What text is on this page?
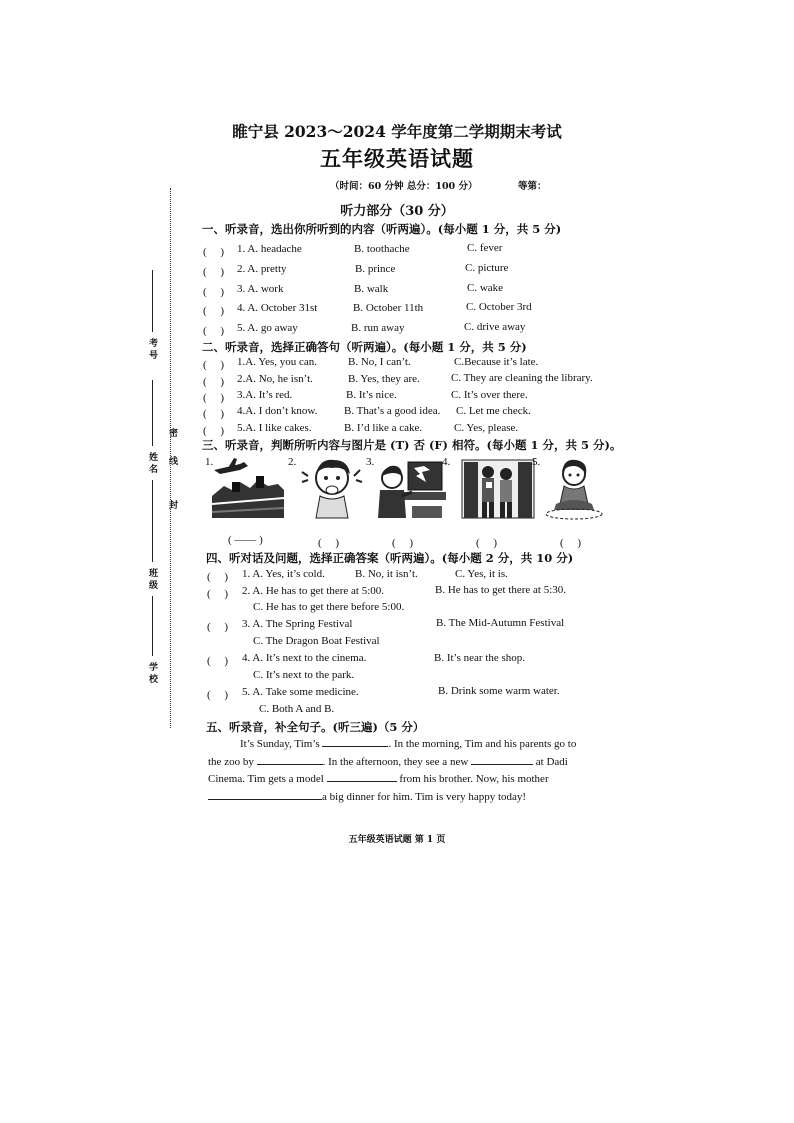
睢宁县 2023～2024 学年度第二学期期末考试
五年级英语试题
（时间：60 分钟 总分：100 分）	等第：
听力部分（30 分）
考 号
姓 名
班 级
学 校
线
封
密
一、听录音，选出你所听到的内容（听两遍）。(每小题 1 分，共 5 分)
(　 ) 1. A. headache	B. toothache	C. fever
(　 ) 2. A. pretty	B. prince	C. picture
(　 ) 3. A. work	B. walk	C. wake
(　 ) 4. A. October 31st	B. October 11th	C. October 3rd
(　 ) 5. A. go away	B. run away	C. drive away
二、听录音，选择正确答句（听两遍）。(每小题 1 分，共 5 分)
(　 ) 1.A. Yes, you can.	B. No, I can’t.	C.Because it’s late.
(　 ) 2.A. No, he isn’t.	B. Yes, they are.	C. They are cleaning the library.
(　 ) 3.A. It’s red.	B. It’s nice.	C. It’s over there.
(　 ) 4.A. I don’t know. B. That’s a good idea. C. Let me check.
(　 ) 5.A. I like cakes.	B. I’d like a cake.	C. Yes, please.
三、听录音，判断所听内容与图片是 (T) 否 (F) 相符。(每小题 1 分，共 5 分)。
1.
( —— )
2.
(　 )
3.
(　 )
4.
(　 )
5.
(　 )
四、听对话及问题，选择正确答案（听两遍）。(每小题 2 分，共 10 分)
(　 ) 1. A. Yes, it’s cold.	B. No, it isn’t.	C. Yes, it is.
(　 ) 2. A. He has to get there at 5:00.	B. He has to get there at 5:30.
C. He has to get there before 5:00.
(　 ) 3. A. The Spring Festival	B. The Mid-Autumn Festival
C. The Dragon Boat Festival
(　 ) 4. A. It’s next to the cinema.	B. It’s near the shop.
C. It’s next to the park.
(　 ) 5. A. Take some medicine.	B. Drink some warm water.
C. Both A and B.
五、听录音，补全句子。(听三遍)（5 分）
It’s Sunday, Tim’s	. In the morning, Tim and his parents go to
the zoo by	. In the afternoon, they see a new	at Dadi
Cinema. Tim gets a model	from his brother. Now, his mother
a big dinner for him. Tim is very happy today!
五年级英语试题 第 1 页
